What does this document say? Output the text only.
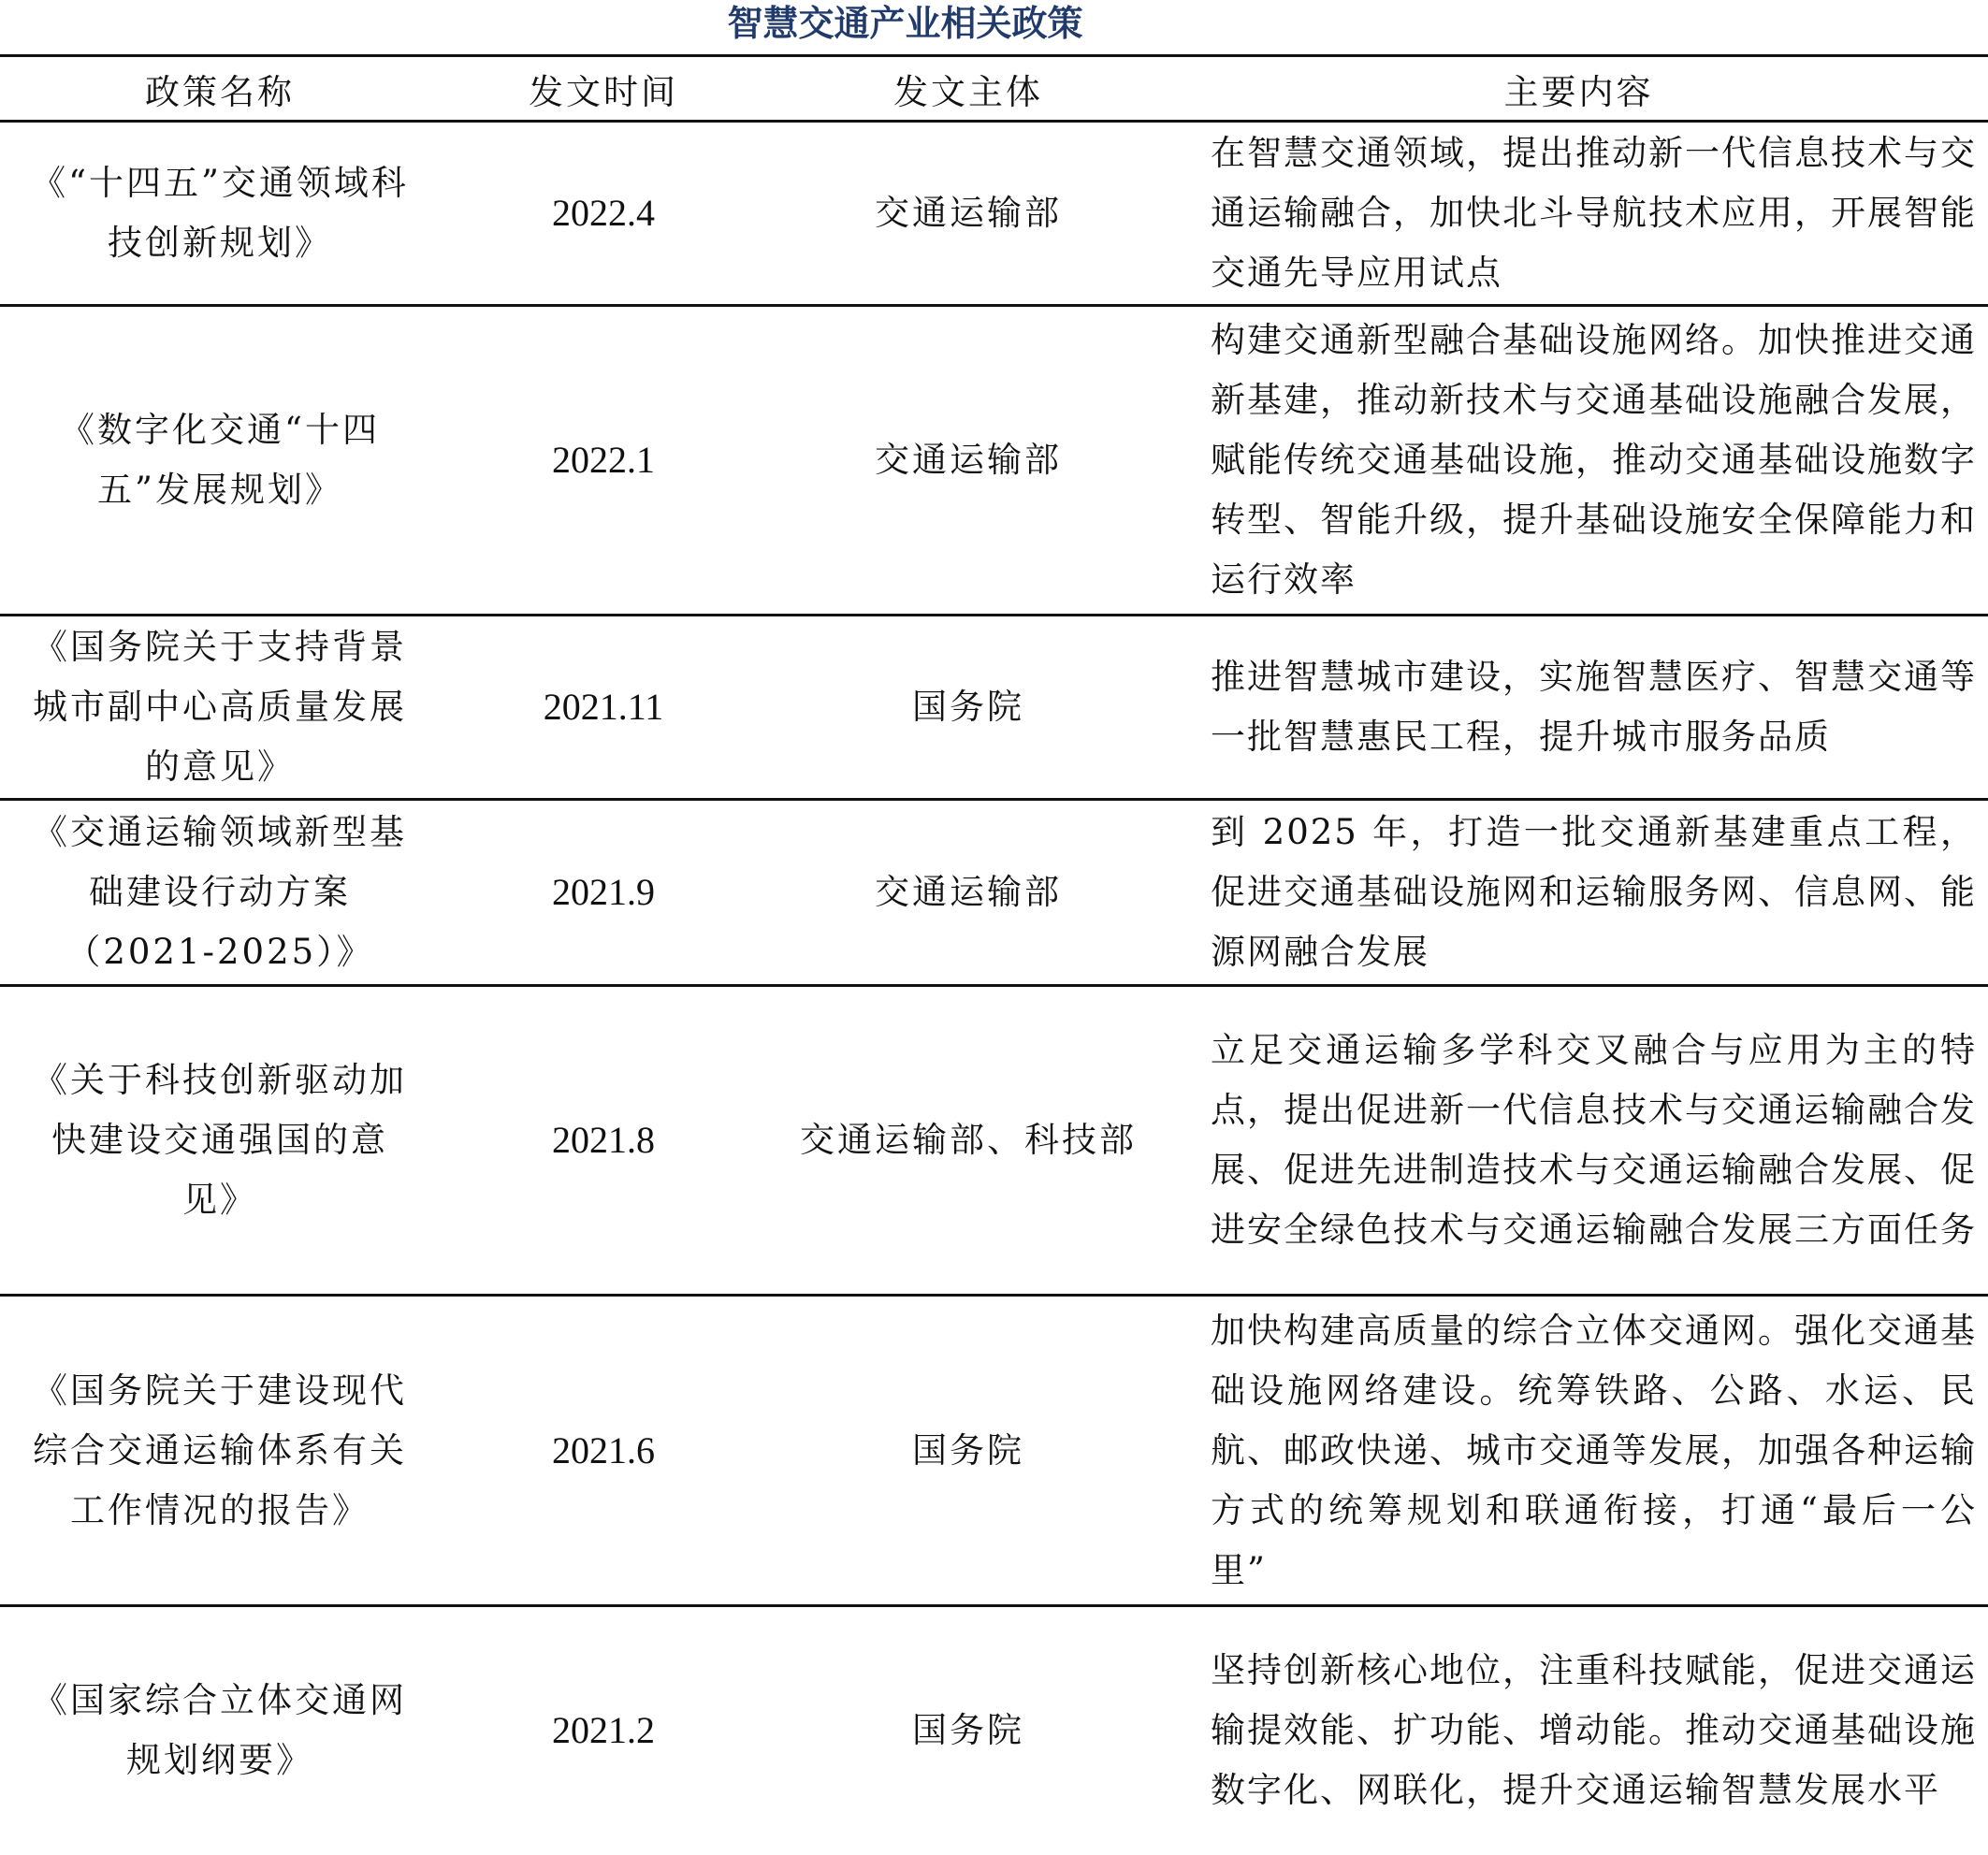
智慧交通产业相关政策
政策名称	发文时间	发文主体	主要内容
《“十四五”交通领域科技创新规划》	2022.4	交通运输部	在智慧交通领域，提出推动新一代信息技术与交通运输融合，加快北斗导航技术应用，开展智能交通先导应用试点
《数字化交通“十四五”发展规划》	2022.1	交通运输部	构建交通新型融合基础设施网络。加快推进交通新基建，推动新技术与交通基础设施融合发展，赋能传统交通基础设施，推动交通基础设施数字转型、智能升级，提升基础设施安全保障能力和运行效率
《国务院关于支持背景城市副中心高质量发展的意见》	2021.11	国务院	推进智慧城市建设，实施智慧医疗、智慧交通等一批智慧惠民工程，提升城市服务品质
《交通运输领域新型基础建设行动方案（2021-2025）》	2021.9	交通运输部	到 2025 年，打造一批交通新基建重点工程，促进交通基础设施网和运输服务网、信息网、能源网融合发展
《关于科技创新驱动加快建设交通强国的意见》	2021.8	交通运输部、科技部	立足交通运输多学科交叉融合与应用为主的特点，提出促进新一代信息技术与交通运输融合发展、促进先进制造技术与交通运输融合发展、促进安全绿色技术与交通运输融合发展三方面任务
《国务院关于建设现代综合交通运输体系有关工作情况的报告》	2021.6	国务院	加快构建高质量的综合立体交通网。强化交通基础设施网络建设。统筹铁路、公路、水运、民航、邮政快递、城市交通等发展，加强各种运输方式的统筹规划和联通衔接，打通“最后一公里”
《国家综合立体交通网规划纲要》	2021.2	国务院	坚持创新核心地位，注重科技赋能，促进交通运输提效能、扩功能、增动能。推动交通基础设施数字化、网联化，提升交通运输智慧发展水平
